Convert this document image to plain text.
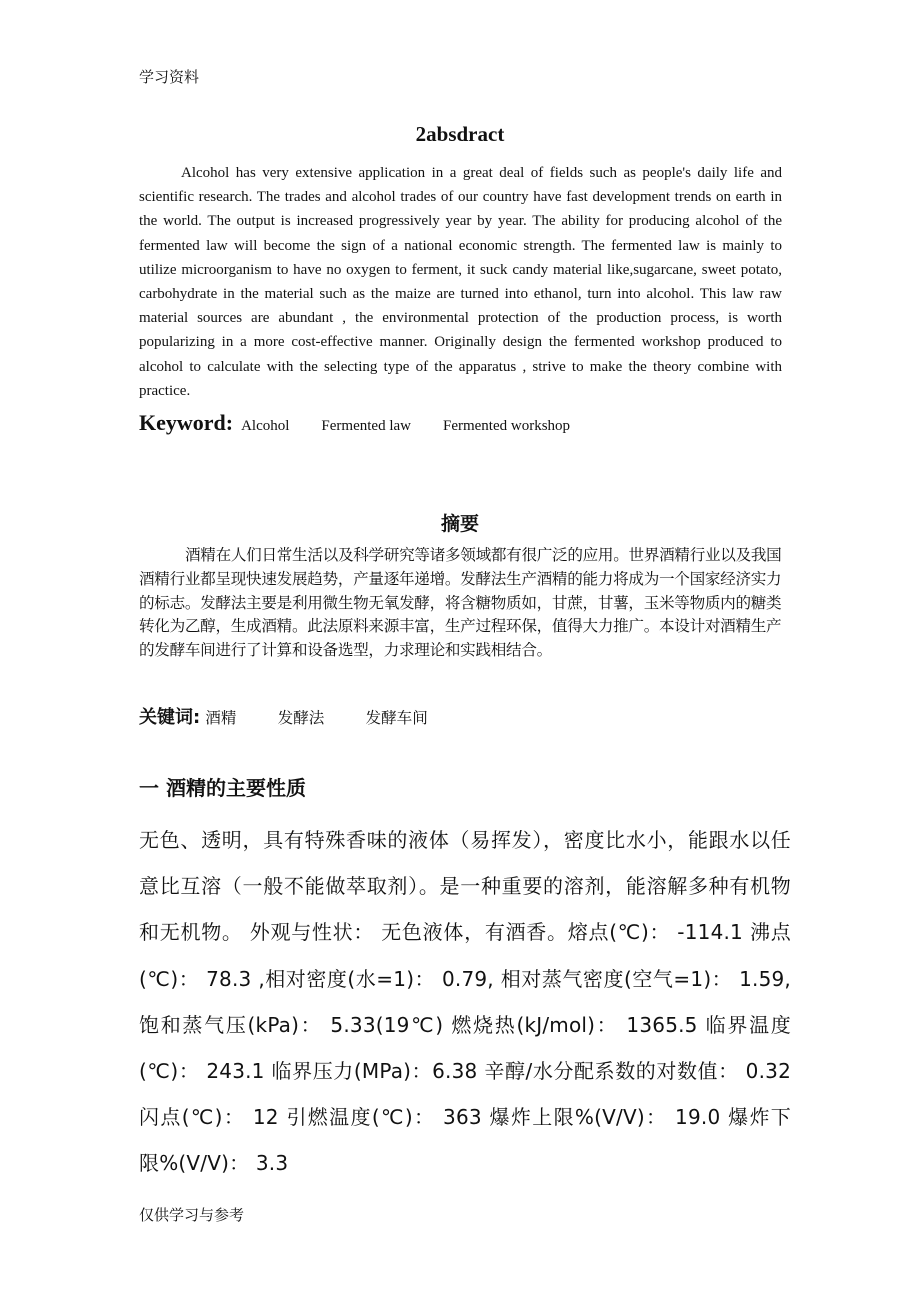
学习资料
2absdract

Alcohol has very extensive application in a great deal of fields such as people's daily life and scientific research. The trades and alcohol trades of our country have fast development trends on earth in the world. The output is increased progressively year by year. The ability for producing alcohol of the fermented law will become the sign of a national economic strength. The fermented law is mainly to utilize microorganism to have no oxygen to ferment, it suck candy material like,sugarcane, sweet potato, carbohydrate in the material such as the maize are turned into ethanol, turn into alcohol. This law raw material sources are abundant , the environmental protection of the production process, is worth popularizing in a more cost-effective manner. Originally design the fermented workshop produced to alcohol to calculate with the selecting type of the apparatus , strive to make the theory combine with practice.

Keyword: Alcohol Fermented law Fermented workshop
摘要

酒精在人们日常生活以及科学研究等诸多领域都有很广泛的应用。世界酒精行业以及我国酒精行业都呈现快速发展趋势，产量逐年递增。发酵法生产酒精的能力将成为一个国家经济实力的标志。发酵法主要是利用微生物无氧发酵，将含糖物质如，甘蔗，甘薯，玉米等物质内的糖类转化为乙醇，生成酒精。此法原料来源丰富，生产过程环保，值得大力推广。本设计对酒精生产的发酵车间进行了计算和设备选型，力求理论和实践相结合。

关键词: 酒精	发酵法	发酵车间
一 酒精的主要性质

无色、透明，具有特殊香味的液体（易挥发），密度比水小，能跟水以任意比互溶（一般不能做萃取剂）。是一种重要的溶剂，能溶解多种有机物和无机物。 外观与性状： 无色液体，有酒香。熔点(℃)： -114.1 沸点(℃)： 78.3 ,相对密度(水=1)： 0.79, 相对蒸气密度(空气=1)： 1.59, 饱和蒸气压(kPa)： 5.33(19℃) 燃烧热(kJ/mol)： 1365.5 临界温度(℃)： 243.1 临界压力(MPa)：6.38 辛醇/水分配系数的对数值： 0.32 闪点(℃)： 12 引燃温度(℃)： 363 爆炸上限%(V/V)： 19.0 爆炸下限%(V/V)： 3.3

仅供学习与参考
